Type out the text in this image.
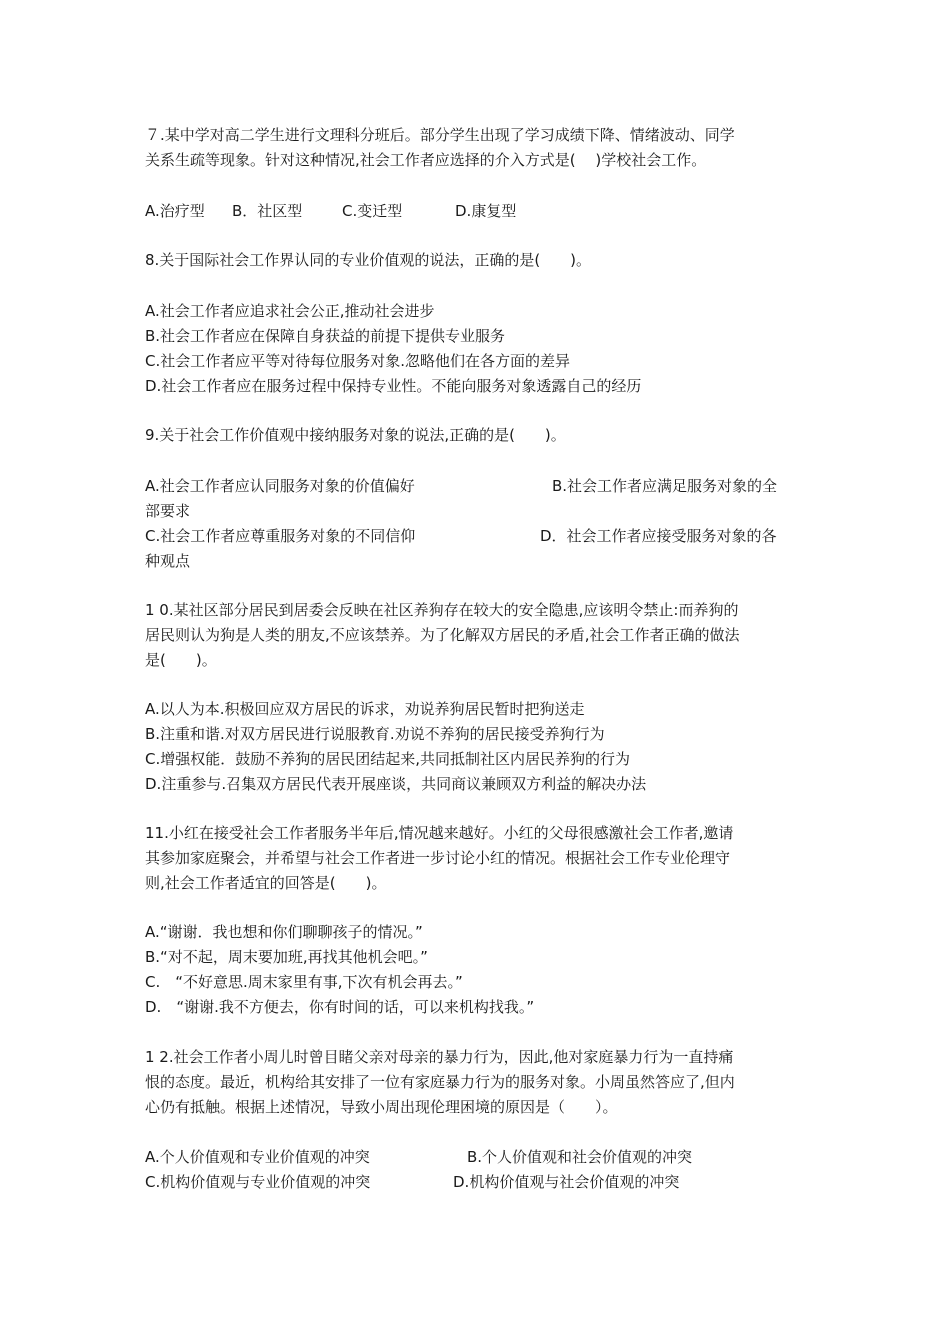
７.某中学对高二学生进行文理科分班后。部分学生出现了学习成绩下降、情绪波动、同学
关系生疏等现象。针对这种情况,社会工作者应选择的介入方式是(　 )学校社会工作。
A.治疗型 B．社区型	C.变迁型	D.康复型
8.关于国际社会工作界认同的专业价值观的说法，正确的是(　　)。
A.社会工作者应追求社会公正,推动社会进步
B.社会工作者应在保障自身获益的前提下提供专业服务
C.社会工作者应平等对待每位服务对象.忽略他们在各方面的差异
D.社会工作者应在服务过程中保持专业性。不能向服务对象透露自己的经历
9.关于社会工作价值观中接纳服务对象的说法,正确的是(　　)。
A.社会工作者应认同服务对象的价值偏好	B.社会工作者应满足服务对象的全
部要求
C.社会工作者应尊重服务对象的不同信仰	D．社会工作者应接受服务对象的各
种观点
1 0.某社区部分居民到居委会反映在社区养狗存在较大的安全隐患,应该明令禁止:而养狗的
居民则认为狗是人类的朋友,不应该禁养。为了化解双方居民的矛盾,社会工作者正确的做法
是(　　)。
A.以人为本.积极回应双方居民的诉求，劝说养狗居民暂时把狗送走
B.注重和谐.对双方居民进行说服教育.劝说不养狗的居民接受养狗行为
C.增强权能．鼓励不养狗的居民团结起来,共同抵制社区内居民养狗的行为
D.注重参与.召集双方居民代表开展座谈，共同商议兼顾双方利益的解决办法
11.小红在接受社会工作者服务半年后,情况越来越好。小红的父母很感激社会工作者,邀请
其参加家庭聚会，并希望与社会工作者进一步讨论小红的情况。根据社会工作专业伦理守
则,社会工作者适宜的回答是(　　)。
A.“谢谢．我也想和你们聊聊孩子的情况。”
B.“对不起，周末要加班,再找其他机会吧。”
C.　“不好意思.周末家里有事,下次有机会再去。”
D.　“谢谢.我不方便去，你有时间的话，可以来机构找我。”
1 2.社会工作者小周儿时曾目睹父亲对母亲的暴力行为，因此,他对家庭暴力行为一直持痛
恨的态度。最近，机构给其安排了一位有家庭暴力行为的服务对象。小周虽然答应了,但内
心仍有抵触。根据上述情况，导致小周出现伦理困境的原因是（　　）。
A.个人价值观和专业价值观的冲突	B.个人价值观和社会价值观的冲突
C.机构价值观与专业价值观的冲突	D.机构价值观与社会价值观的冲突
